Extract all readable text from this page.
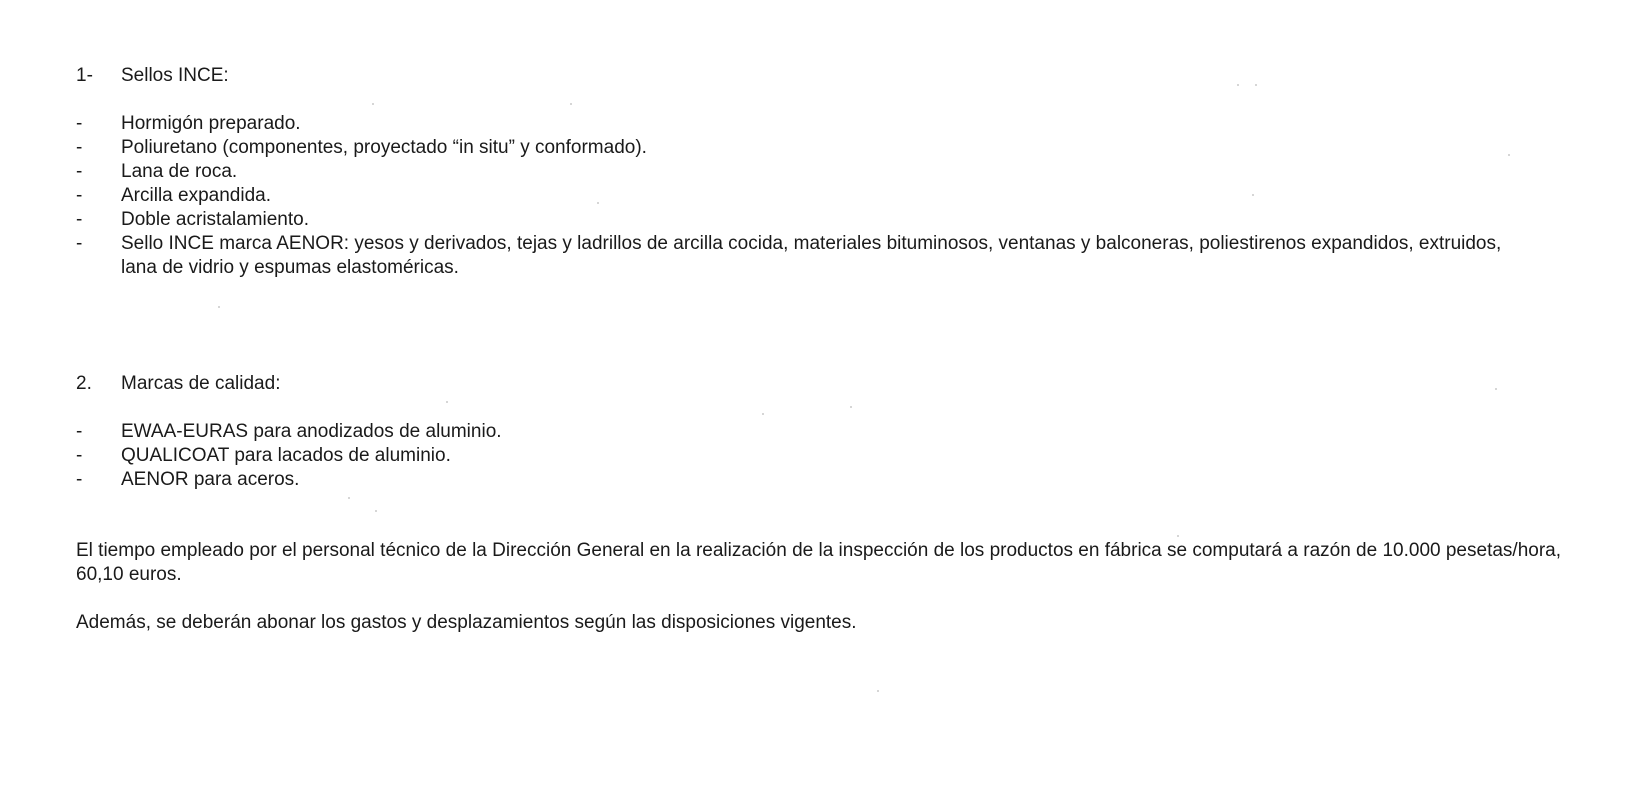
1- Sellos INCE:
- Hormigón preparado.
- Poliuretano (componentes, proyectado “in situ” y conformado).
- Lana de roca.
- Arcilla expandida.
- Doble acristalamiento.
- Sello INCE marca AENOR: yesos y derivados, tejas y ladrillos de arcilla cocida, materiales bituminosos, ventanas y balconeras, poliestirenos expandidos, extruidos, lana de vidrio y espumas elastoméricas.
2. Marcas de calidad:
- EWAA-EURAS para anodizados de aluminio.
- QUALICOAT para lacados de aluminio.
- AENOR para aceros.

El tiempo empleado por el personal técnico de la Dirección General en la realización de la inspección de los productos en fábrica se computará a razón de 10.000 pesetas/hora, 60,10 euros.

Además, se deberán abonar los gastos y desplazamientos según las disposiciones vigentes.
